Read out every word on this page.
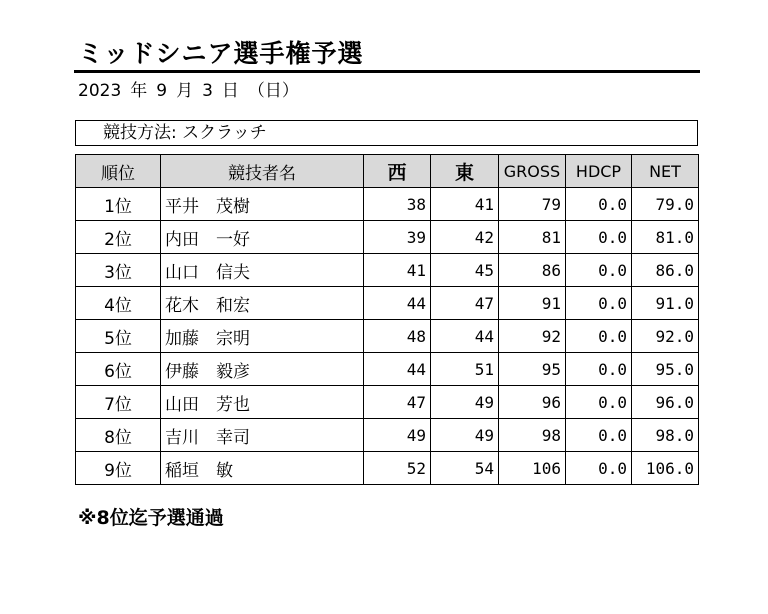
ミッドシニア選手権予選
2023 年 9 月 3 日 （日）
競技方法: スクラッチ
順位	競技者名	西	東	GROSS	HDCP	NET
1位	平井　茂樹	38	41	79	0.0	79.0
2位	内田　一好	39	42	81	0.0	81.0
3位	山口　信夫	41	45	86	0.0	86.0
4位	花木　和宏	44	47	91	0.0	91.0
5位	加藤　宗明	48	44	92	0.0	92.0
6位	伊藤　毅彦	44	51	95	0.0	95.0
7位	山田　芳也	47	49	96	0.0	96.0
8位	吉川　幸司	49	49	98	0.0	98.0
9位	稲垣　敏	52	54	106	0.0	106.0
※8位迄予選通過
